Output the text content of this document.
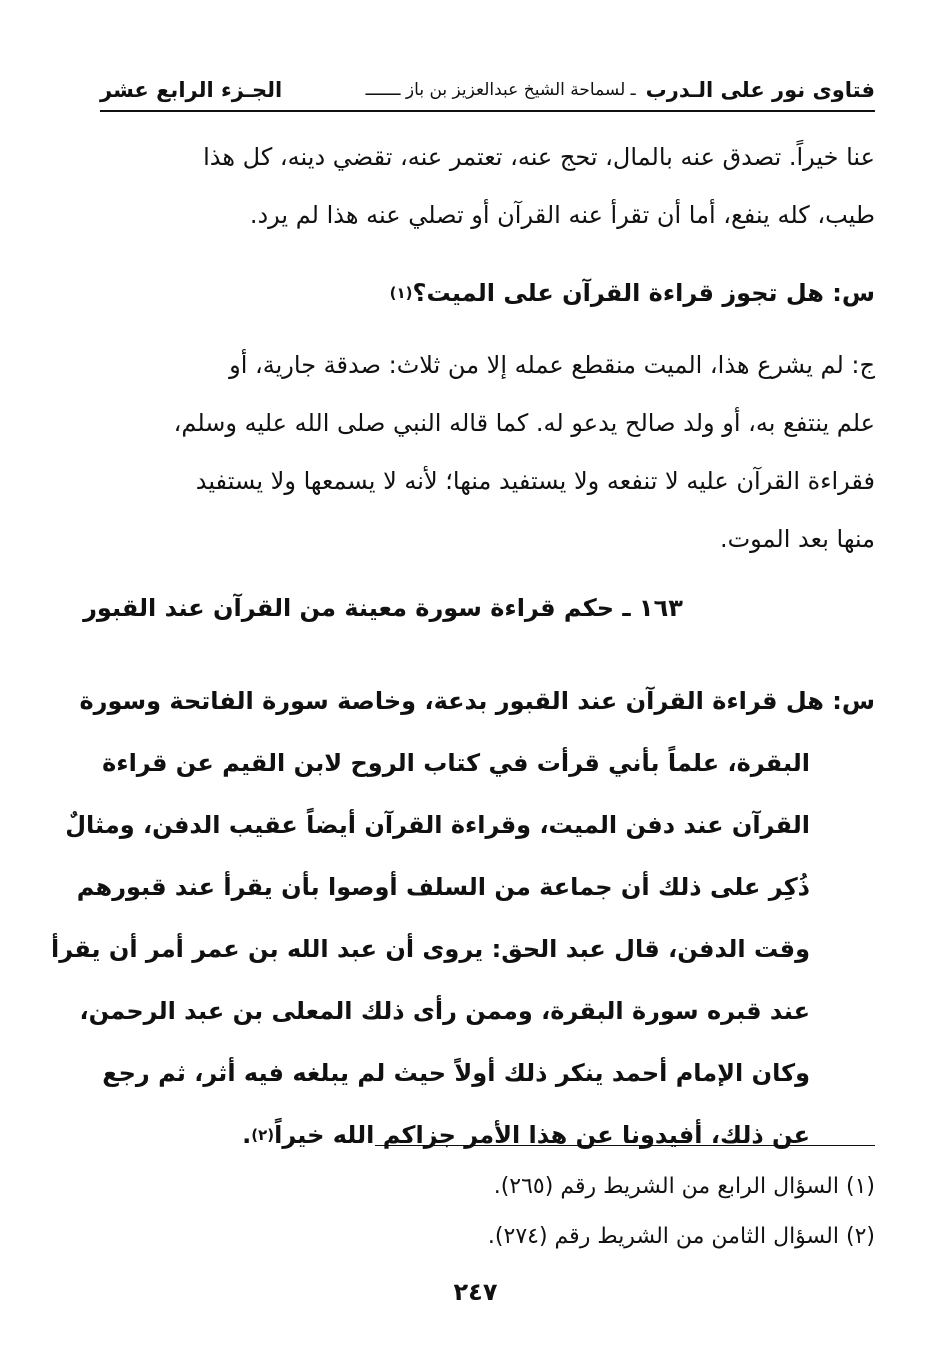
فتاوى نور على الـدرب
ـ لسماحة الشيخ عبدالعزيز بن باز ـــــــ
الجـزء الرابع عشر
عنا خيراً. تصدق عنه بالمال، تحج عنه، تعتمر عنه، تقضي دينه، كل هذا
طيب، كله ينفع، أما أن تقرأ عنه القرآن أو تصلي عنه هذا لم يرد.
س: هل تجوز قراءة القرآن على الميت؟
(١)
ج: لم يشرع هذا، الميت منقطع عمله إلا من ثلاث: صدقة جارية، أو
علم ينتفع به، أو ولد صالح يدعو له. كما قاله النبي صلى الله عليه وسلم،
فقراءة القرآن عليه لا تنفعه ولا يستفيد منها؛ لأنه لا يسمعها ولا يستفيد
منها بعد الموت.
١٦٣ ـ حكم قراءة سورة معينة من القرآن عند القبور
س: هل قراءة القرآن عند القبور بدعة، وخاصة سورة الفاتحة وسورة
البقرة، علماً بأني قرأت في كتاب الروح لابن القيم عن قراءة
القرآن عند دفن الميت، وقراءة القرآن أيضاً عقيب الدفن، ومثالٌ
ذُكِر على ذلك أن جماعة من السلف أوصوا بأن يقرأ عند قبورهم
وقت الدفن، قال عبد الحق: يروى أن عبد الله بن عمر أمر أن يقرأ
عند قبره سورة البقرة، وممن رأى ذلك المعلى بن عبد الرحمن،
وكان الإمام أحمد ينكر ذلك أولاً حيث لم يبلغه فيه أثر، ثم رجع
عن ذلك، أفيدونا عن هذا الأمر جزاكم الله خيراً
(٢)
.
(١) السؤال الرابع من الشريط رقم (٢٦٥).
(٢) السؤال الثامن من الشريط رقم (٢٧٤).
٢٤٧
